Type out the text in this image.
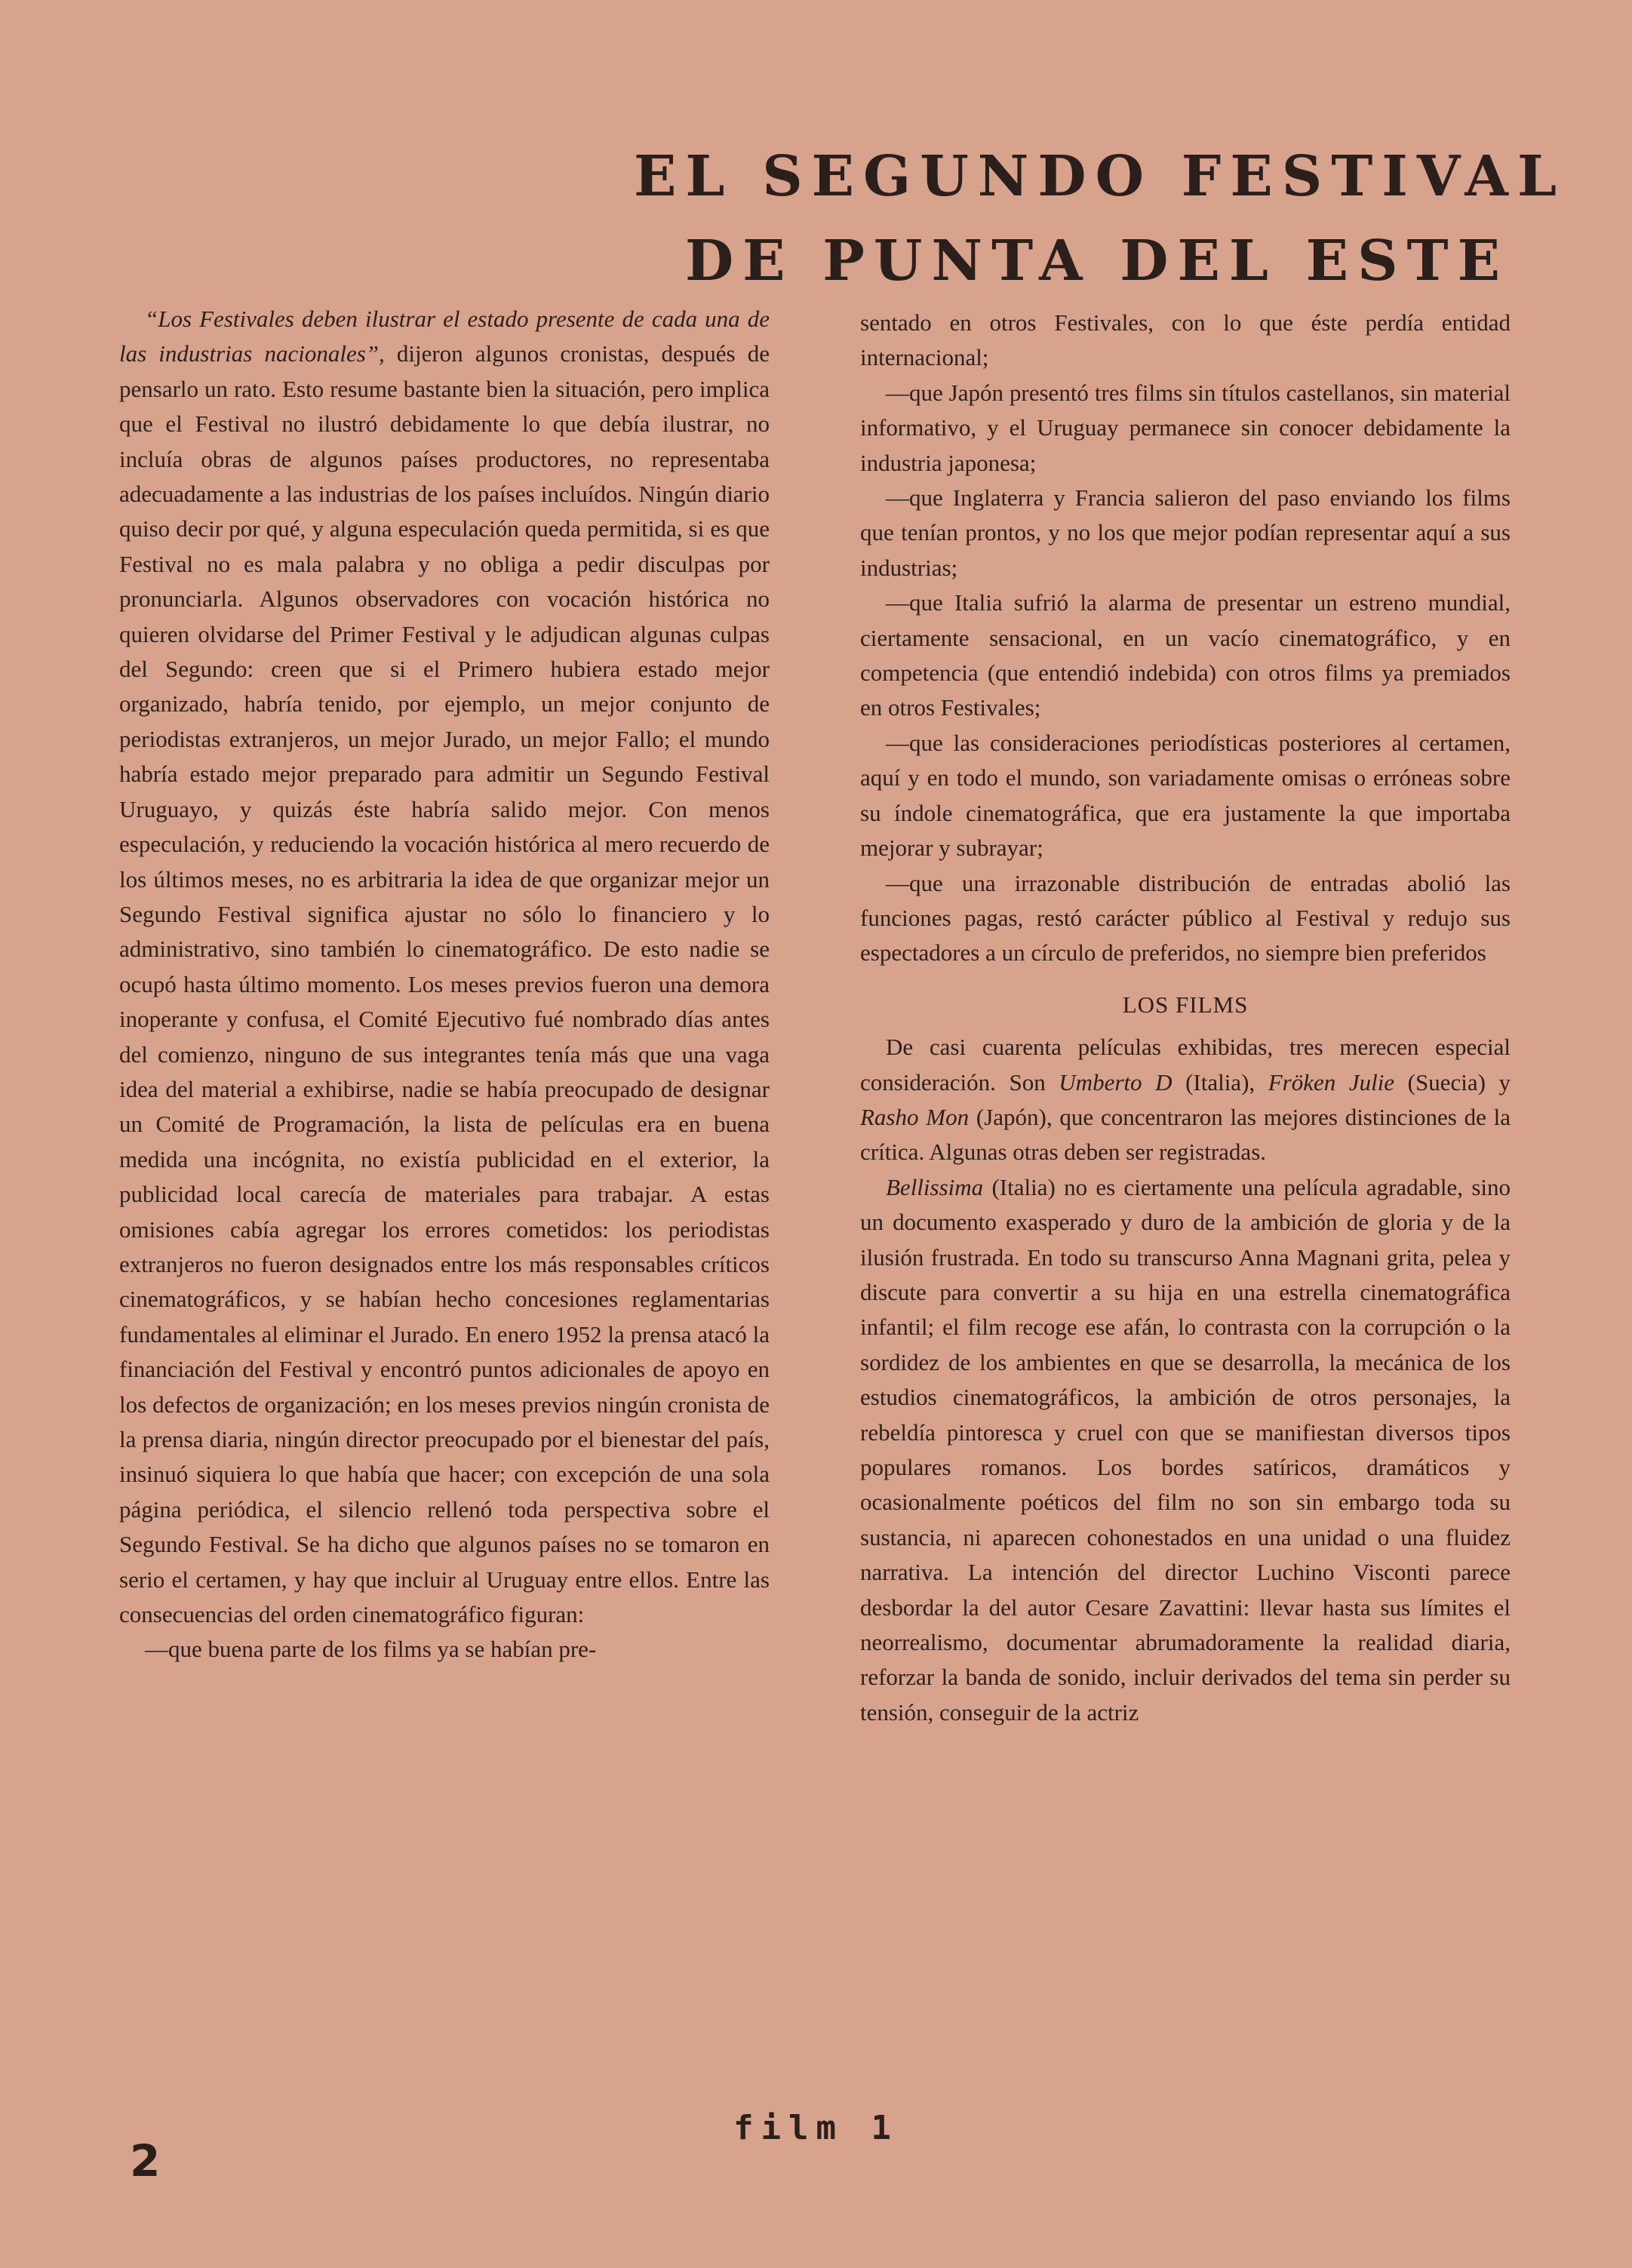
EL SEGUNDO FESTIVAL
DE PUNTA DEL ESTE

“Los Festivales deben ilustrar el estado presente de cada una de las industrias nacionales”, dijeron algunos cronistas, después de pensarlo un rato. Esto resume bastante bien la situación, pero implica que el Festival no ilustró debidamente lo que debía ilustrar, no incluía obras de algunos países productores, no representaba adecuadamente a las industrias de los países incluídos. Ningún diario quiso decir por qué, y alguna especulación queda permitida, si es que Festival no es mala palabra y no obliga a pedir disculpas por pronunciarla. Algunos observadores con vocación histórica no quieren olvidarse del Primer Festival y le adjudican algunas culpas del Segundo: creen que si el Primero hubiera estado mejor organizado, habría tenido, por ejemplo, un mejor conjunto de periodistas extranjeros, un mejor Jurado, un mejor Fallo; el mundo habría estado mejor preparado para admitir un Segundo Festival Uruguayo, y quizás éste habría salido mejor. Con menos especulación, y reduciendo la vocación histórica al mero recuerdo de los últimos meses, no es arbitraria la idea de que organizar mejor un Segundo Festival significa ajustar no sólo lo financiero y lo administrativo, sino también lo cinematográfico. De esto nadie se ocupó hasta último momento. Los meses previos fueron una demora inoperante y confusa, el Comité Ejecutivo fué nombrado días antes del comienzo, ninguno de sus integrantes tenía más que una vaga idea del material a exhibirse, nadie se había preocupado de designar un Comité de Programación, la lista de películas era en buena medida una incógnita, no existía publicidad en el exterior, la publicidad local carecía de materiales para trabajar. A estas omisiones cabía agregar los errores cometidos: los periodistas extranjeros no fueron designados entre los más responsables críticos cinematográficos, y se habían hecho concesiones reglamentarias fundamentales al eliminar el Jurado. En enero 1952 la prensa atacó la financiación del Festival y encontró puntos adicionales de apoyo en los defectos de organización; en los meses previos ningún cronista de la prensa diaria, ningún director preocupado por el bienestar del país, insinuó siquiera lo que había que hacer; con excepción de una sola página periódica, el silencio rellenó toda perspectiva sobre el Segundo Festival. Se ha dicho que algunos países no se tomaron en serio el certamen, y hay que incluir al Uruguay entre ellos. Entre las consecuencias del orden cinematográfico figuran:

—que buena parte de los films ya se habían pre-

sentado en otros Festivales, con lo que éste perdía entidad internacional;

—que Japón presentó tres films sin títulos castellanos, sin material informativo, y el Uruguay permanece sin conocer debidamente la industria japonesa;

—que Inglaterra y Francia salieron del paso enviando los films que tenían prontos, y no los que mejor podían representar aquí a sus industrias;

—que Italia sufrió la alarma de presentar un estreno mundial, ciertamente sensacional, en un vacío cinematográfico, y en competencia (que entendió indebida) con otros films ya premiados en otros Festivales;

—que las consideraciones periodísticas posteriores al certamen, aquí y en todo el mundo, son variadamente omisas o erróneas sobre su índole cinematográfica, que era justamente la que importaba mejorar y subrayar;

—que una irrazonable distribución de entradas abolió las funciones pagas, restó carácter público al Festival y redujo sus espectadores a un círculo de preferidos, no siempre bien preferidos

LOS FILMS

De casi cuarenta películas exhibidas, tres merecen especial consideración. Son Umberto D (Italia), Fröken Julie (Suecia) y Rasho Mon (Japón), que concentraron las mejores distinciones de la crítica. Algunas otras deben ser registradas.

Bellissima (Italia) no es ciertamente una película agradable, sino un documento exasperado y duro de la ambición de gloria y de la ilusión frustrada. En todo su transcurso Anna Magnani grita, pelea y discute para convertir a su hija en una estrella cinematográfica infantil; el film recoge ese afán, lo contrasta con la corrupción o la sordidez de los ambientes en que se desarrolla, la mecánica de los estudios cinematográficos, la ambición de otros personajes, la rebeldía pintoresca y cruel con que se manifiestan diversos tipos populares romanos. Los bordes satíricos, dramáticos y ocasionalmente poéticos del film no son sin embargo toda su sustancia, ni aparecen cohonestados en una unidad o una fluidez narrativa. La intención del director Luchino Visconti parece desbordar la del autor Cesare Zavattini: llevar hasta sus límites el neorrealismo, documentar abrumadoramente la realidad diaria, reforzar la banda de sonido, incluir derivados del tema sin perder su tensión, conseguir de la actriz

film 1
2
